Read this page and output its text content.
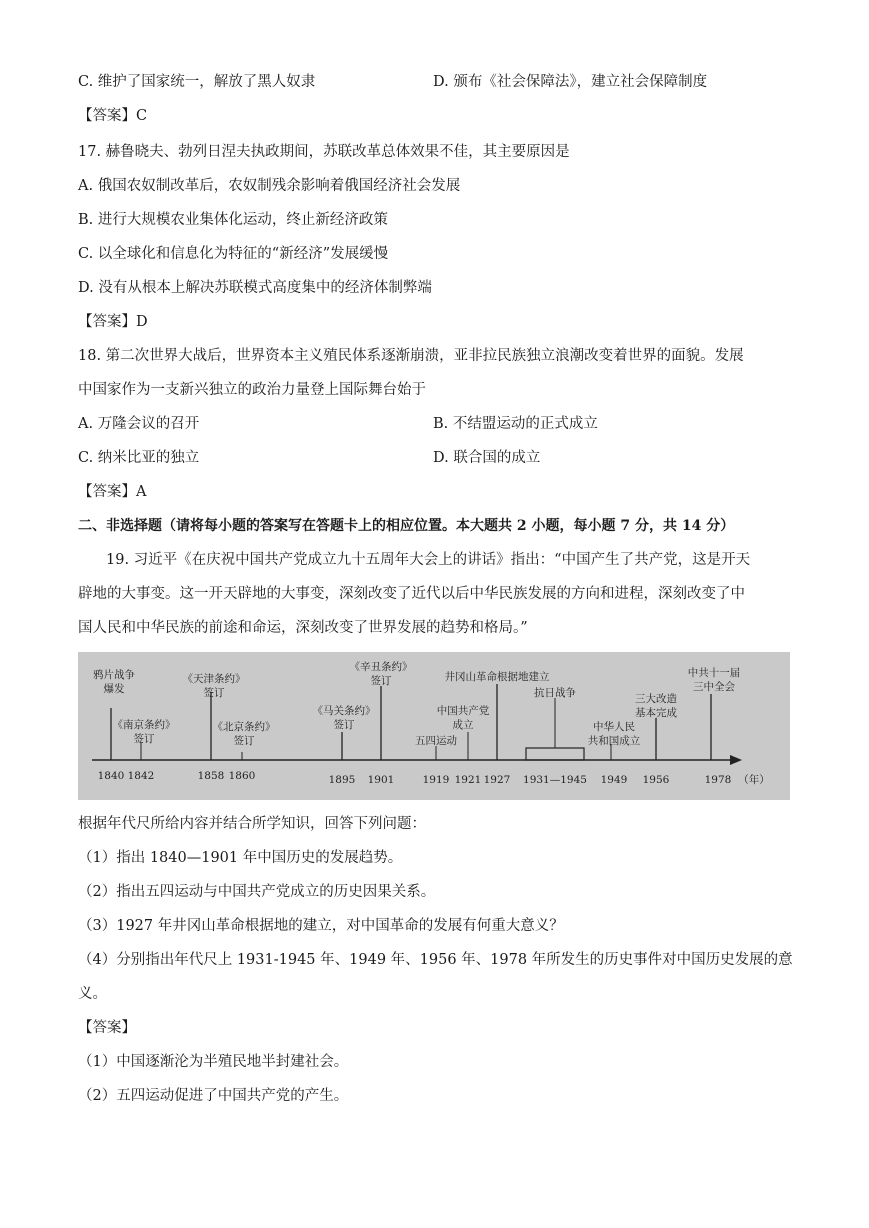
C. 维护了国家统一，解放了黑人奴隶	D. 颁布《社会保障法》，建立社会保障制度
【答案】C
17. 赫鲁晓夫、勃列日涅夫执政期间，苏联改革总体效果不佳，其主要原因是
A. 俄国农奴制改革后，农奴制残余影响着俄国经济社会发展
B. 进行大规模农业集体化运动，终止新经济政策
C. 以全球化和信息化为特征的“新经济”发展缓慢
D. 没有从根本上解决苏联模式高度集中的经济体制弊端
【答案】D
18. 第二次世界大战后，世界资本主义殖民体系逐渐崩溃，亚非拉民族独立浪潮改变着世界的面貌。发展
中国家作为一支新兴独立的政治力量登上国际舞台始于
A. 万隆会议的召开	B. 不结盟运动的正式成立
C. 纳米比亚的独立	D. 联合国的成立
【答案】A
二、非选择题（请将每小题的答案写在答题卡上的相应位置。本大题共 2 小题，每小题 7 分，共 14 分）
19. 习近平《在庆祝中国共产党成立九十五周年大会上的讲话》指出：“中国产生了共产党，这是开天
辟地的大事变。这一开天辟地的大事变，深刻改变了近代以后中华民族发展的方向和进程，深刻改变了中
国人民和中华民族的前途和命运，深刻改变了世界发展的趋势和格局。”
鸦片战争
爆发
《南京条约》
签订
《天津条约》
签订
《北京条约》
签订
《马关条约》
签订
《辛丑条约》
签订
五四运动
中国共产党
成立
井冈山革命根据地建立
抗日战争
中华人民
共和国成立
三大改造
基本完成
中共十一届
三中全会
1840 1842	1858 1860	1895 1901	1919 1921 1927 1931—1945 1949 1956	1978 （年）
根据年代尺所给内容并结合所学知识，回答下列问题：
（1）指出 1840—1901 年中国历史的发展趋势。
（2）指出五四运动与中国共产党成立的历史因果关系。
（3）1927 年井冈山革命根据地的建立，对中国革命的发展有何重大意义？
（4）分别指出年代尺上 1931-1945 年、1949 年、1956 年、1978 年所发生的历史事件对中国历史发展的意
义。
【答案】
（1）中国逐渐沦为半殖民地半封建社会。
（2）五四运动促进了中国共产党的产生。
